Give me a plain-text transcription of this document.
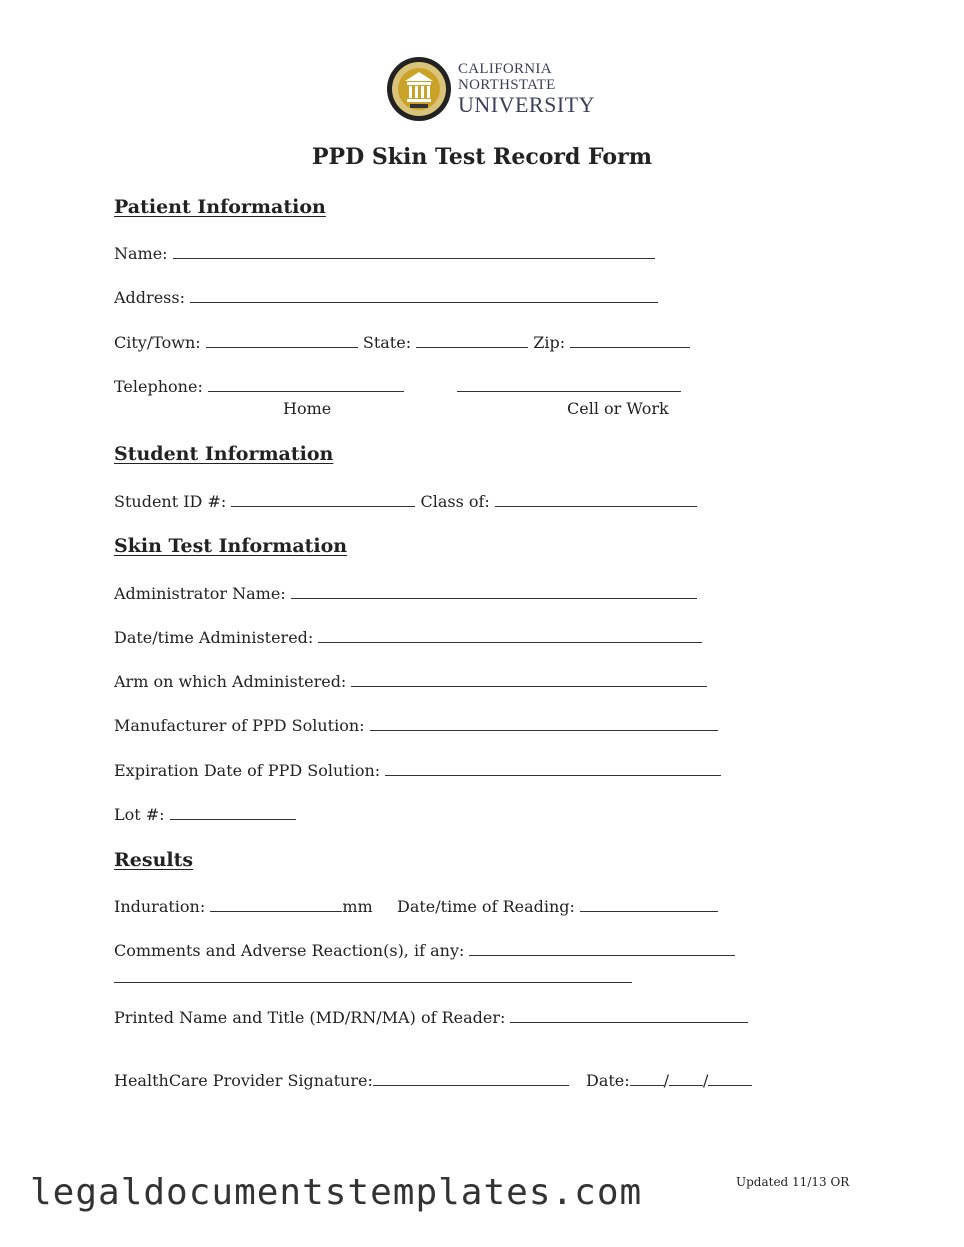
CALIFORNIA
NORTHSTATE
UNIVERSITY
PPD Skin Test Record Form
Patient Information
Name:
Address:
City/Town:	State:	Zip:
Telephone:
Home	Cell or Work
Student Information
Student ID #:	Class of:
Skin Test Information
Administrator Name:
Date/time Administered:
Arm on which Administered:
Manufacturer of PPD Solution:
Expiration Date of PPD Solution:
Lot #:
Results
Induration:	mm Date/time of Reading:
Comments and Adverse Reaction(s), if any:
Printed Name and Title (MD/RN/MA) of Reader:
HealthCare Provider Signature:	Date: / /
Updated 11/13 OR
legaldocumentstemplates.com
